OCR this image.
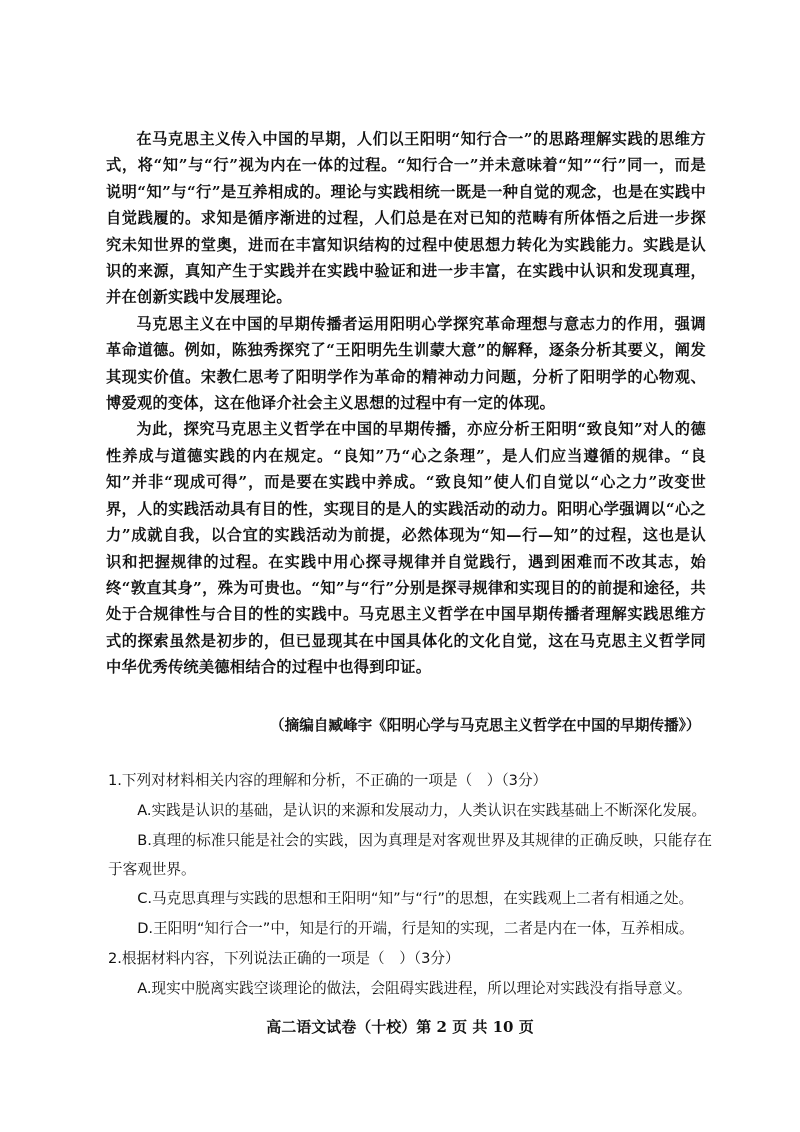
在马克思主义传入中国的早期，人们以王阳明“知行合一”的思路理解实践的思维方式，将“知”与“行”视为内在一体的过程。“知行合一”并未意味着“知”“行”同一，而是说明“知”与“行”是互养相成的。理论与实践相统一既是一种自觉的观念，也是在实践中自觉践履的。求知是循序渐进的过程，人们总是在对已知的范畴有所体悟之后进一步探究未知世界的堂奥，进而在丰富知识结构的过程中使思想力转化为实践能力。实践是认识的来源，真知产生于实践并在实践中验证和进一步丰富，在实践中认识和发现真理，并在创新实践中发展理论。

马克思主义在中国的早期传播者运用阳明心学探究革命理想与意志力的作用，强调革命道德。例如，陈独秀探究了“王阳明先生训蒙大意”的解释，逐条分析其要义，阐发其现实价值。宋教仁思考了阳明学作为革命的精神动力问题，分析了阳明学的心物观、博爱观的变体，这在他译介社会主义思想的过程中有一定的体现。

为此，探究马克思主义哲学在中国的早期传播，亦应分析王阳明“致良知”对人的德性养成与道德实践的内在规定。“良知”乃“心之条理”，是人们应当遵循的规律。“良知”并非“现成可得”，而是要在实践中养成。“致良知”使人们自觉以“心之力”改变世界，人的实践活动具有目的性，实现目的是人的实践活动的动力。阳明心学强调以“心之力”成就自我，以合宜的实践活动为前提，必然体现为“知—行—知”的过程，这也是认识和把握规律的过程。在实践中用心探寻规律并自觉践行，遇到困难而不改其志，始终“敦直其身”，殊为可贵也。“知”与“行”分别是探寻规律和实现目的的前提和途径，共处于合规律性与合目的性的实践中。马克思主义哲学在中国早期传播者理解实践思维方式的探索虽然是初步的，但已显现其在中国具体化的文化自觉，这在马克思主义哲学同中华优秀传统美德相结合的过程中也得到印证。

（摘编自臧峰宇《阳明心学与马克思主义哲学在中国的早期传播》）

1.下列对材料相关内容的理解和分析，不正确的一项是（　）（3分）

A.实践是认识的基础，是认识的来源和发展动力，人类认识在实践基础上不断深化发展。

B.真理的标准只能是社会的实践，因为真理是对客观世界及其规律的正确反映，只能存在于客观世界。

C.马克思真理与实践的思想和王阳明“知”与“行”的思想，在实践观上二者有相通之处。

D.王阳明“知行合一”中，知是行的开端，行是知的实现，二者是内在一体，互养相成。

2.根据材料内容，下列说法正确的一项是（　）（3分）

A.现实中脱离实践空谈理论的做法，会阻碍实践进程，所以理论对实践没有指导意义。

高二语文试卷（十校）第 2 页 共 10 页
